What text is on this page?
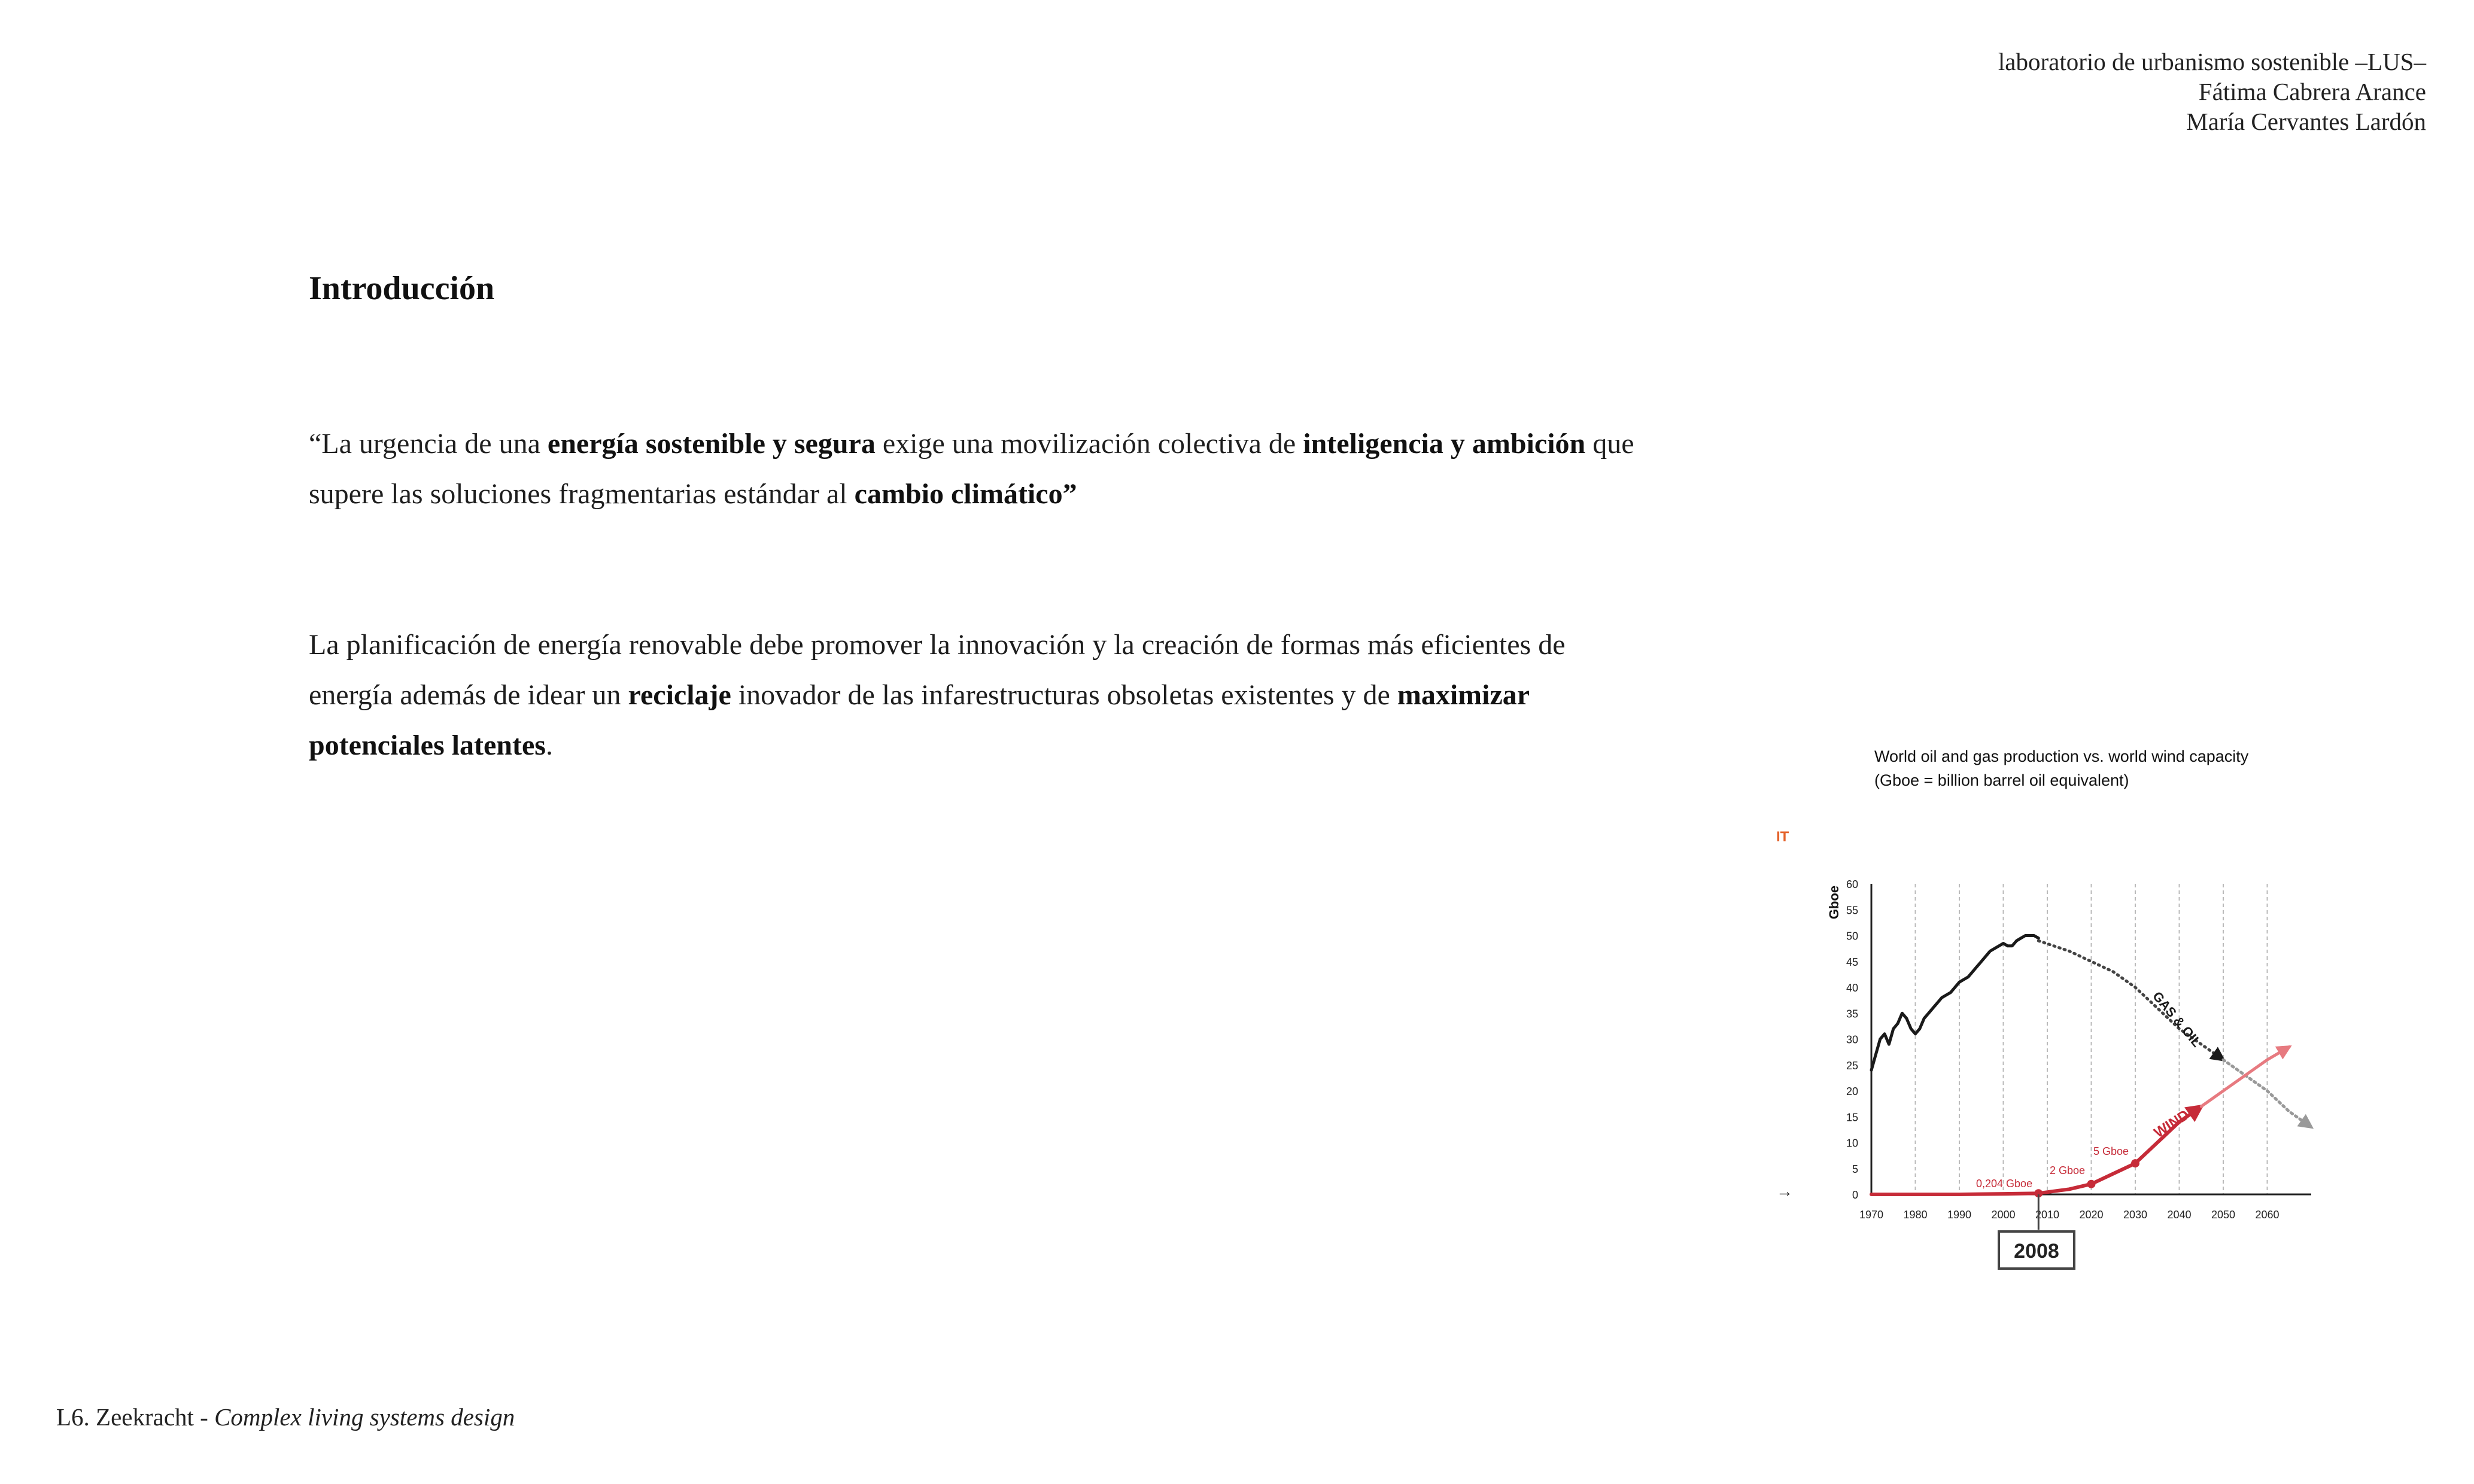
laboratorio de urbanismo sostenible –LUS–
Fátima Cabrera Arance
María Cervantes Lardón
Introducción

“La urgencia de una energía sostenible y segura exige una movilización colectiva de inteligencia y ambición que supere las soluciones fragmentarias estándar al cambio climático”

La planificación de energía renovable debe promover la innovación y la creación de formas más eficientes de energía además de idear un reciclaje inovador de las infarestructuras obsoletas existentes y de maximizar potenciales latentes.	World oil and gas production vs. world wind capacity
(Gboe = billion barrel oil equivalent)
1970 1980 1990 2000 2010 2020 2030 2040 2050 2060
0
5
10
15
20
25
30
35
40
45
50
55
60
Gboe
0,204 Gboe
2 Gboe
5 Gboe
GAS & OIL
WIND
2008
IT
→
L6. Zeekracht - Complex living systems design
